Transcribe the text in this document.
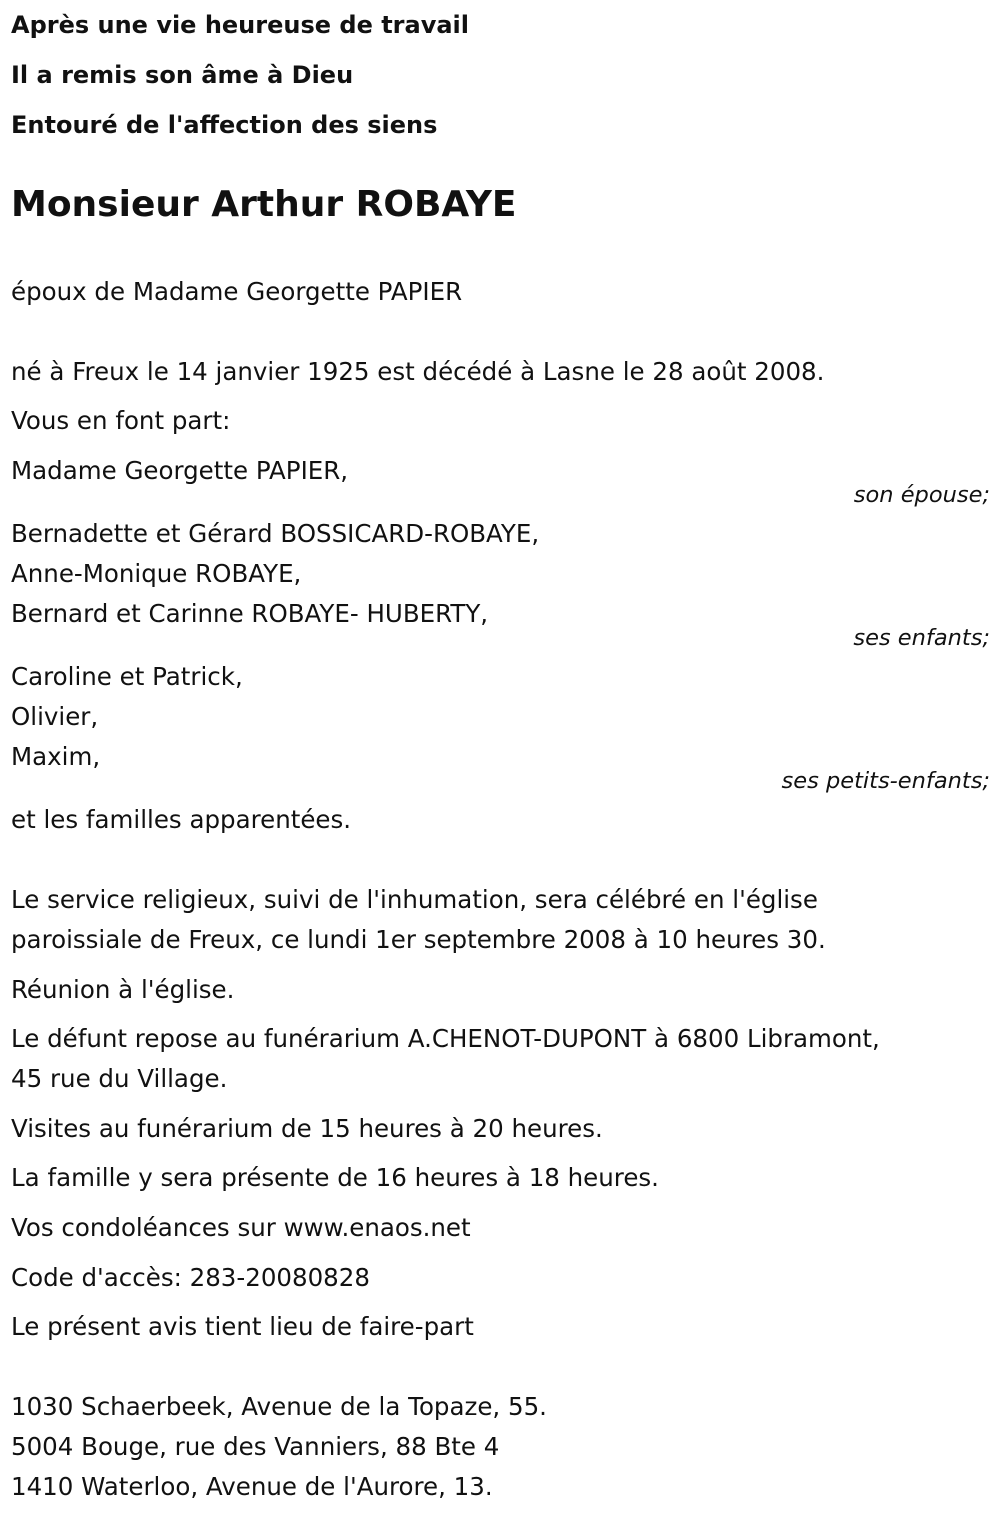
Après une vie heureuse de travail
Il a remis son âme à Dieu
Entouré de l'affection des siens
Monsieur Arthur ROBAYE
époux de Madame Georgette PAPIER
né à Freux le 14 janvier 1925 est décédé à Lasne le 28 août 2008.
Vous en font part:
Madame Georgette PAPIER,
son épouse;
Bernadette et Gérard BOSSICARD-ROBAYE,
Anne-Monique ROBAYE,
Bernard et Carinne ROBAYE- HUBERTY,
ses enfants;
Caroline et Patrick,
Olivier,
Maxim,
ses petits-enfants;
et les familles apparentées.
Le service religieux, suivi de l'inhumation, sera célébré en l'église
paroissiale de Freux, ce lundi 1er septembre 2008 à 10 heures 30.
Réunion à l'église.
Le défunt repose au funérarium A.CHENOT-DUPONT à 6800 Libramont,
45 rue du Village.
Visites au funérarium de 15 heures à 20 heures.
La famille y sera présente de 16 heures à 18 heures.
Vos condoléances sur www.enaos.net
Code d'accès: 283-20080828
Le présent avis tient lieu de faire-part
1030 Schaerbeek, Avenue de la Topaze, 55.
5004 Bouge, rue des Vanniers, 88 Bte 4
1410 Waterloo, Avenue de l'Aurore, 13.
